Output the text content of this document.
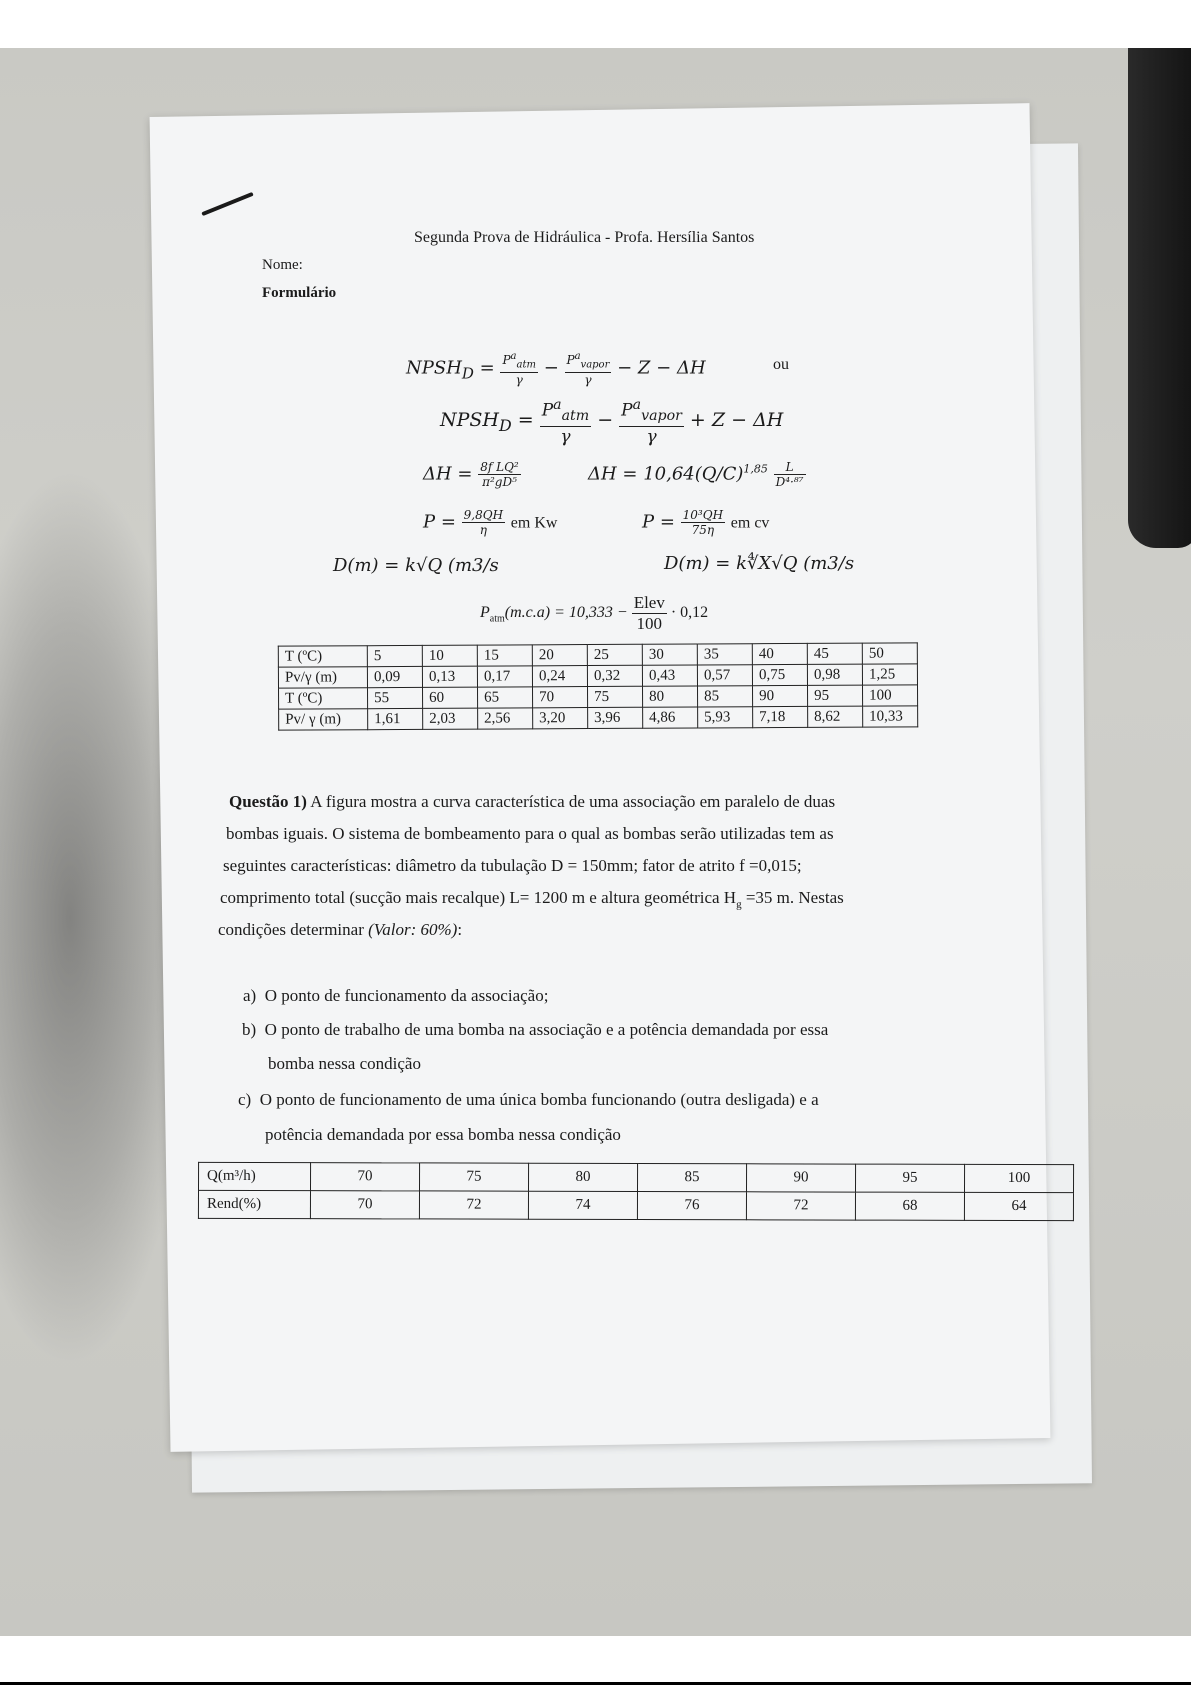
Segunda Prova de Hidráulica - Profa. Hersília Santos
Nome:
Formulário
$NPSH_D = \frac{P^a_{atm}}{\gamma} - \frac{P^a_{vapor}}{\gamma} - Z - \Delta H$	ou
$NPSH_D = \frac{P^a_{atm}}{\gamma} - \frac{P^a_{vapor}}{\gamma} + Z - \Delta H$
$\Delta H = \frac{\text{8f LQ²}}{\text{π²gD⁵}}$	$\Delta H = 10,64(Q/C)^{1,85} \frac{L}{\text{D⁴·⁸⁷}}$
$P = \frac{9,8QH}{\eta}$ em Kw	$P = \frac{\text{10³QH}}{75\eta}$ em cv
D(m) = k√Q (m3/s	D(m) = k∜X√Q (m3/s
$P_{atm}(m.c.a) = 10,333 - \frac{\text{Elev}}{100} \cdot 0,12$
T (ºC)	5	10	15	20	25	30	35	40	45	50
Pv/γ (m)	0,09	0,13	0,17	0,24	0,32	0,43	0,57	0,75	0,98	1,25
T (ºC)	55	60	65	70	75	80	85	90	95	100
Pv/ γ (m)	1,61	2,03	2,56	3,20	3,96	4,86	5,93	7,18	8,62	10,33
Questão 1) A figura mostra a curva característica de uma associação em paralelo de duas
bombas iguais. O sistema de bombeamento para o qual as bombas serão utilizadas tem as
seguintes características: diâmetro da tubulação D = 150mm; fator de atrito f =0,015;
comprimento total (sucção mais recalque) L= 1200 m e altura geométrica $H_g =35$ m. Nestas
condições determinar (Valor: 60%):
a) O ponto de funcionamento da associação;
b) O ponto de trabalho de uma bomba na associação e a potência demandada por essa
bomba nessa condição
c) O ponto de funcionamento de uma única bomba funcionando (outra desligada) e a
potência demandada por essa bomba nessa condição
Q(m³/h)	70	75	80	85	90	95	100
Rend(%)	70	72	74	76	72	68	64
